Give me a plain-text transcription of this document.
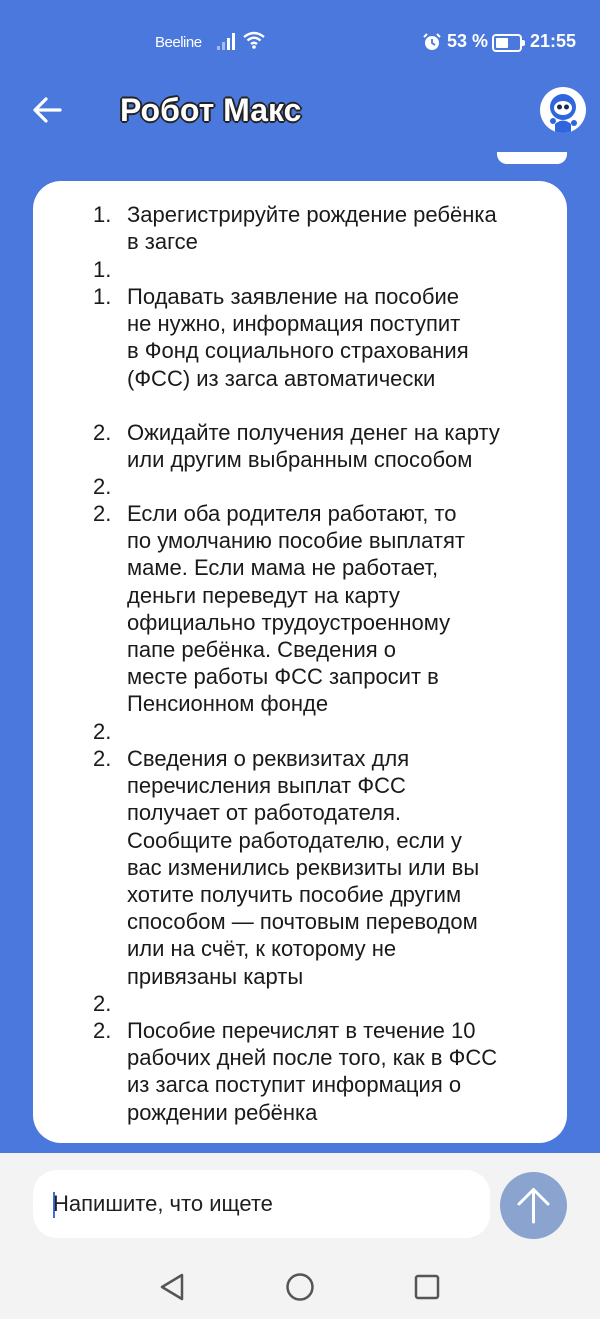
Beeline	53 % 21:55
Робот Макс
1. Зарегистрируйте рождение ребёнка
в загсе
1.
1. Подавать заявление на пособие
не нужно, информация поступит
в Фонд социального страхования
(ФСС) из загса автоматически
2. Ожидайте получения денег на карту
или другим выбранным способом
2.
2. Если оба родителя работают, то
по умолчанию пособие выплатят
маме. Если мама не работает,
деньги переведут на карту
официально трудоустроенному
папе ребёнка. Сведения о
месте работы ФСС запросит в
Пенсионном фонде
2.
2. Сведения о реквизитах для
перечисления выплат ФСС
получает от работодателя.
Сообщите работодателю, если у
вас изменились реквизиты или вы
хотите получить пособие другим
способом — почтовым переводом
или на счёт, к которому не
привязаны карты
2.
2. Пособие перечислят в течение 10
рабочих дней после того, как в ФСС
из загса поступит информация о
рождении ребёнка
Напишите, что ищете
